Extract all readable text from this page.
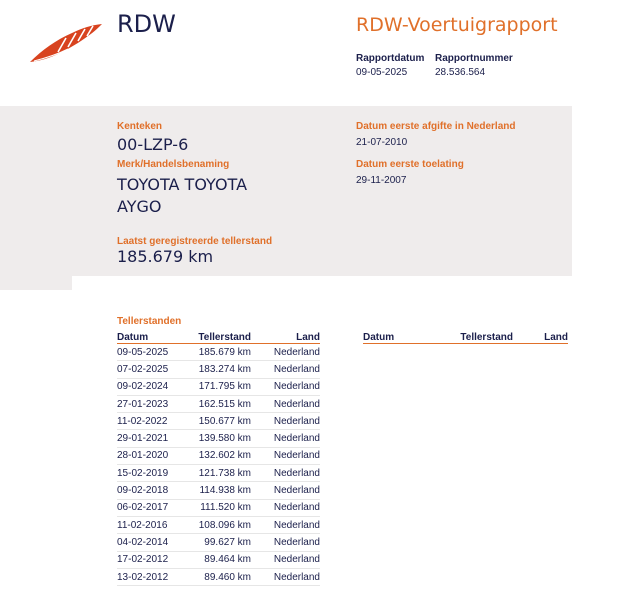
RDW	RDW-Voertuigrapport
Rapportdatum
09-05-2025
Rapportnummer
28.536.564
Kenteken
00-LZP-6
Merk/Handelsbenaming
TOYOTA TOYOTA
AYGO
Laatst geregistreerde tellerstand
185.679 km
Datum eerste afgifte in Nederland
21-07-2010
Datum eerste toelating
29-11-2007
Tellerstanden
Datum	Tellerstand	Land
09-05-2025	185.679 km	Nederland
07-02-2025	183.274 km	Nederland
09-02-2024	171.795 km	Nederland
27-01-2023	162.515 km	Nederland
11-02-2022	150.677 km	Nederland
29-01-2021	139.580 km	Nederland
28-01-2020	132.602 km	Nederland
15-02-2019	121.738 km	Nederland
09-02-2018	114.938 km	Nederland
06-02-2017	111.520 km	Nederland
11-02-2016	108.096 km	Nederland
04-02-2014	99.627 km	Nederland
17-02-2012	89.464 km	Nederland
13-02-2012	89.460 km	Nederland
Datum	Tellerstand	Land
